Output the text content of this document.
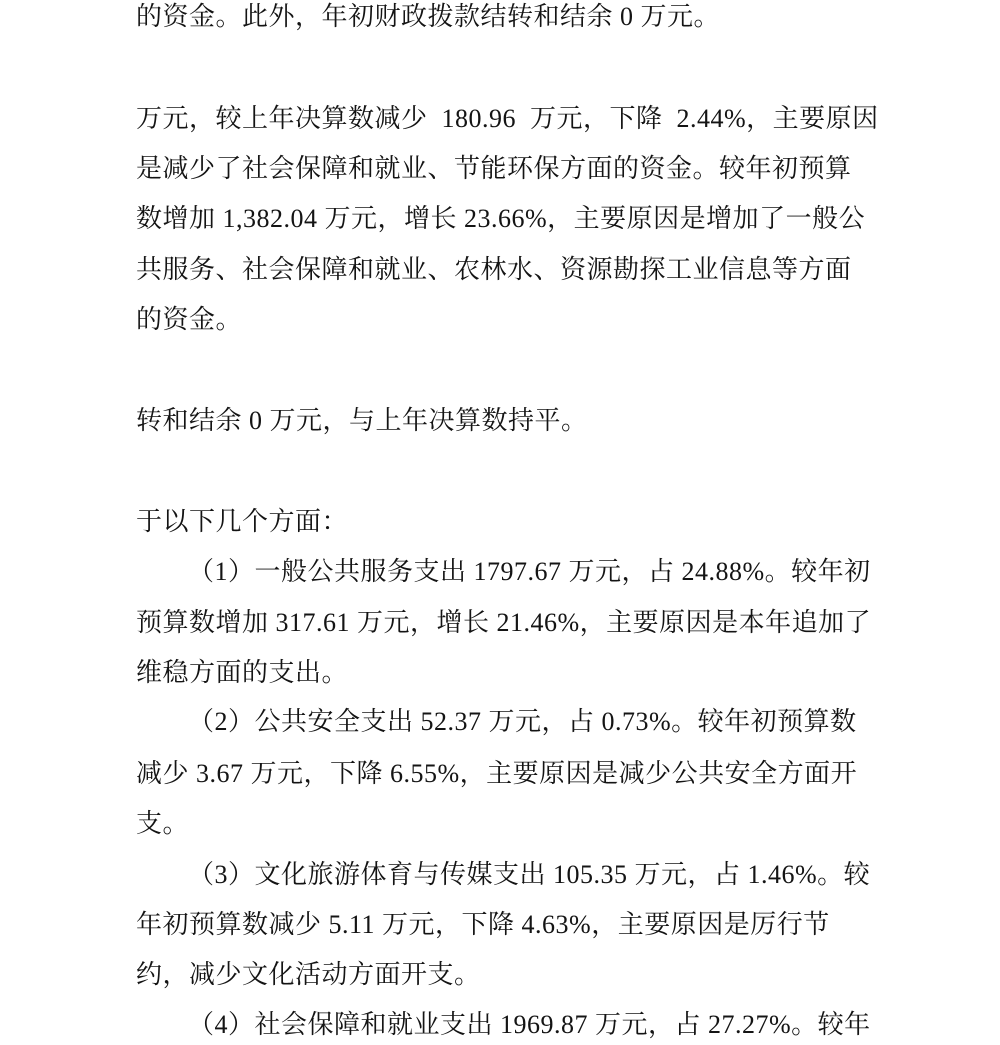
的资金。此外，年初财政拨款结转和结余 0 万元。

万元，较上年决算数减少  180.96  万元，下降  2.44%，主要原因
是减少了社会保障和就业、节能环保方面的资金。较年初预算
数增加 1,382.04 万元，增长 23.66%，主要原因是增加了一般公
共服务、社会保障和就业、农林水、资源勘探工业信息等方面
的资金。

转和结余 0 万元，与上年决算数持平。

于以下几个方面：
（1）一般公共服务支出 1797.67 万元，占 24.88%。较年初
预算数增加 317.61 万元，增长 21.46%，主要原因是本年追加了
维稳方面的支出。
（2）公共安全支出 52.37 万元，占 0.73%。较年初预算数
减少 3.67 万元，下降 6.55%，主要原因是减少公共安全方面开
支。
（3）文化旅游体育与传媒支出 105.35 万元，占 1.46%。较
年初预算数减少 5.11 万元，下降 4.63%，主要原因是厉行节
约，减少文化活动方面开支。
（4）社会保障和就业支出 1969.87 万元，占 27.27%。较年
